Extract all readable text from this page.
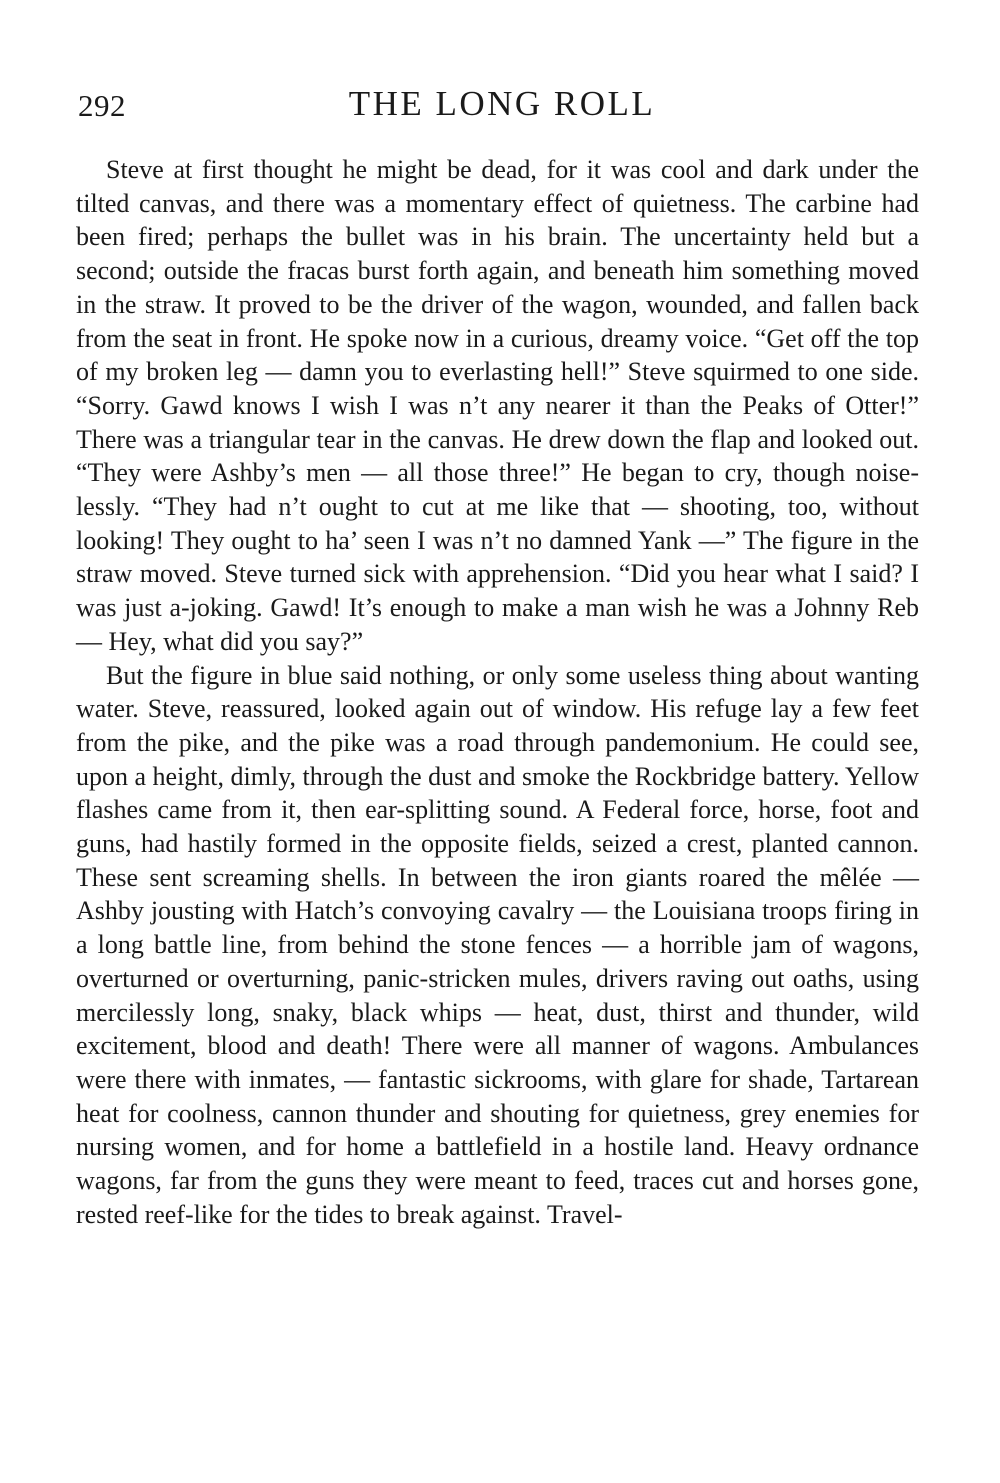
292	THE LONG ROLL

Steve at first thought he might be dead, for it was cool and dark under the tilted canvas, and there was a momentary effect of quietness. The carbine had been fired; perhaps the bullet was in his brain. The uncertainty held but a second; outside the fracas burst forth again, and beneath him something moved in the straw. It proved to be the driver of the wagon, wounded, and fallen back from the seat in front. He spoke now in a curious, dreamy voice. “Get off the top of my broken leg — damn you to everlasting hell!” Steve squirmed to one side. “Sorry. Gawd knows I wish I was n’t any nearer it than the Peaks of Otter!” There was a triangular tear in the canvas. He drew down the flap and looked out. “They were Ashby’s men — all those three!” He began to cry, though noiselessly. “They had n’t ought to cut at me like that — shooting, too, without looking! They ought to ha’ seen I was n’t no damned Yank —” The figure in the straw moved. Steve turned sick with apprehension. “Did you hear what I said? I was just a-joking. Gawd! It’s enough to make a man wish he was a Johnny Reb — Hey, what did you say?”

But the figure in blue said nothing, or only some useless thing about wanting water. Steve, reassured, looked again out of window. His refuge lay a few feet from the pike, and the pike was a road through pandemonium. He could see, upon a height, dimly, through the dust and smoke the Rockbridge battery. Yellow flashes came from it, then ear-splitting sound. A Federal force, horse, foot and guns, had hastily formed in the opposite fields, seized a crest, planted cannon. These sent screaming shells. In between the iron giants roared the mêlée — Ashby jousting with Hatch’s convoying cavalry — the Louisiana troops firing in a long battle line, from behind the stone fences — a horrible jam of wagons, overturned or overturning, panic-stricken mules, drivers raving out oaths, using mercilessly long, snaky, black whips — heat, dust, thirst and thunder, wild excitement, blood and death! There were all manner of wagons. Ambulances were there with inmates, — fantastic sickrooms, with glare for shade, Tartarean heat for coolness, cannon thunder and shouting for quietness, grey enemies for nursing women, and for home a battlefield in a hostile land. Heavy ordnance wagons, far from the guns they were meant to feed, traces cut and horses gone, rested reef-like for the tides to break against. Travel-
